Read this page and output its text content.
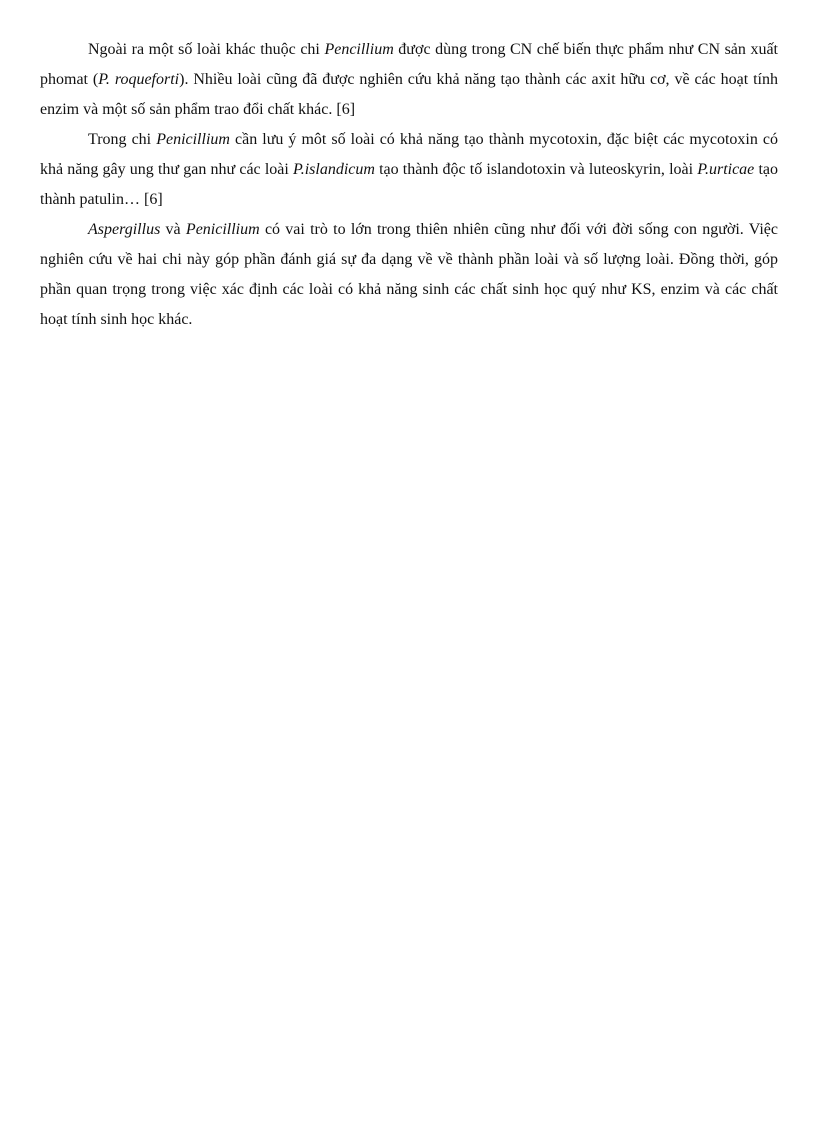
Ngoài ra một số loài khác thuộc chi Pencillium được dùng trong CN chế biến thực phẩm như CN sản xuất phomat (P. roqueforti). Nhiều loài cũng đã được nghiên cứu khả năng tạo thành các axit hữu cơ, về các hoạt tính enzim và một số sản phẩm trao đổi chất khác. [6]

Trong chi Penicillium cần lưu ý môt số loài có khả năng tạo thành mycotoxin, đặc biệt các mycotoxin có khả năng gây ung thư gan như các loài P.islandicum tạo thành độc tố islandotoxin và luteoskyrin, loài P.urticae tạo thành patulin… [6]

Aspergillus và Penicillium có vai trò to lớn trong thiên nhiên cũng như đối với đời sống con người. Việc nghiên cứu về hai chi này góp phần đánh giá sự đa dạng về về thành phần loài và số lượng loài. Đồng thời, góp phần quan trọng trong việc xác định các loài có khả năng sinh các chất sinh học quý như KS, enzim và các chất hoạt tính sinh học khác.
